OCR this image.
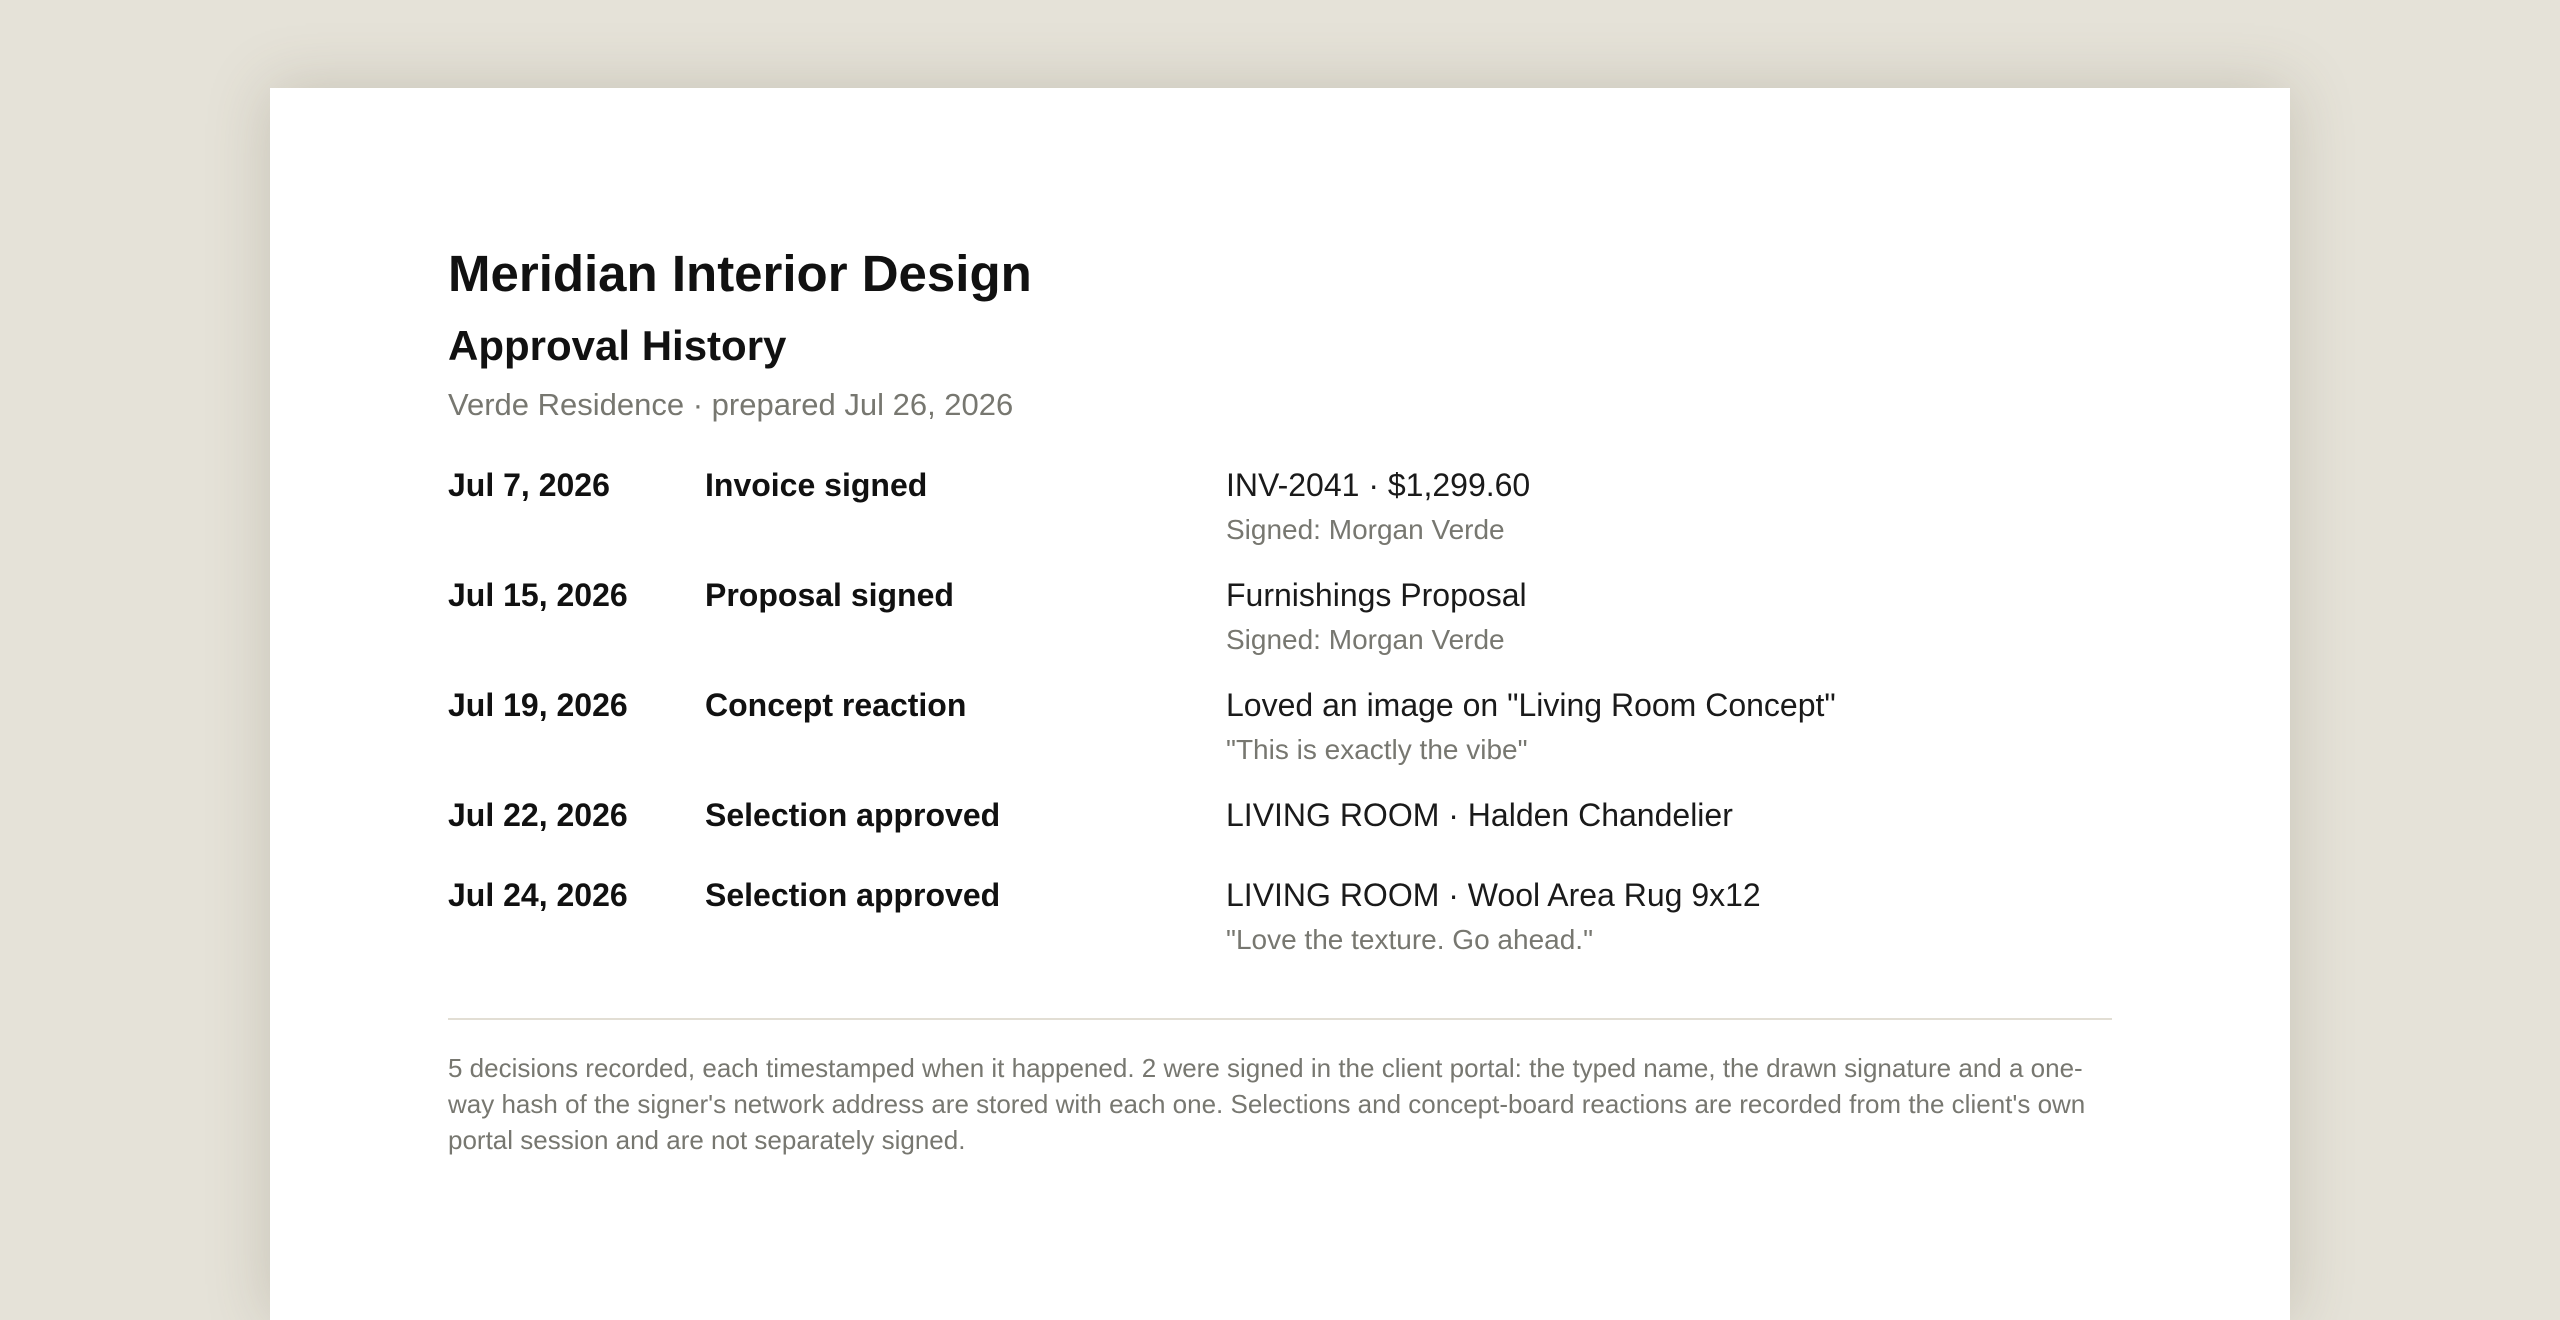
Meridian Interior Design
Approval History
Verde Residence · prepared Jul 26, 2026
Jul 7, 2026	Invoice signed	INV-2041 · $1,299.60
Signed: Morgan Verde
Jul 15, 2026	Proposal signed	Furnishings Proposal
Signed: Morgan Verde
Jul 19, 2026	Concept reaction	Loved an image on "Living Room Concept"
"This is exactly the vibe"
Jul 22, 2026	Selection approved	LIVING ROOM · Halden Chandelier
Jul 24, 2026	Selection approved	LIVING ROOM · Wool Area Rug 9x12
"Love the texture. Go ahead."
5 decisions recorded, each timestamped when it happened. 2 were signed in the client portal: the typed name, the drawn signature and a one-way hash of the signer's network address are stored with each one. Selections and concept-board reactions are recorded from the client's own portal session and are not separately signed.
